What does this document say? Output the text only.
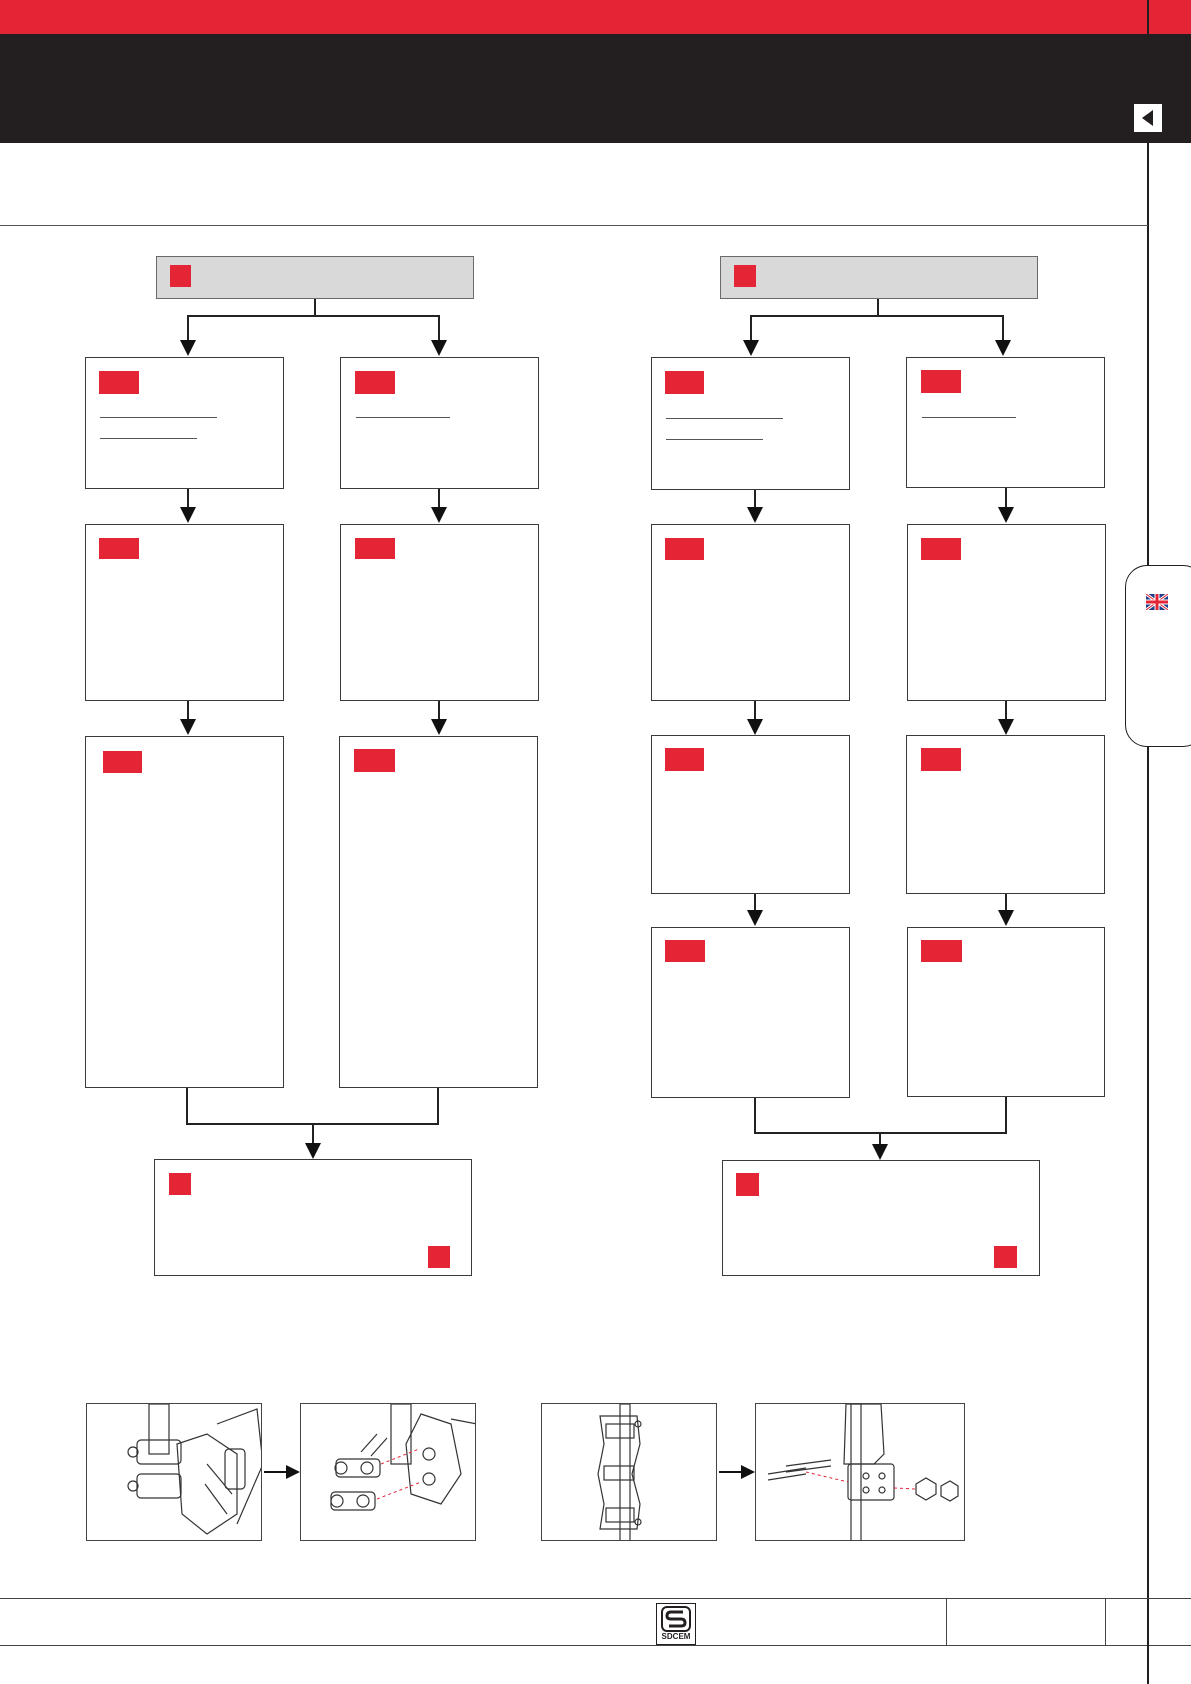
SDCEM
